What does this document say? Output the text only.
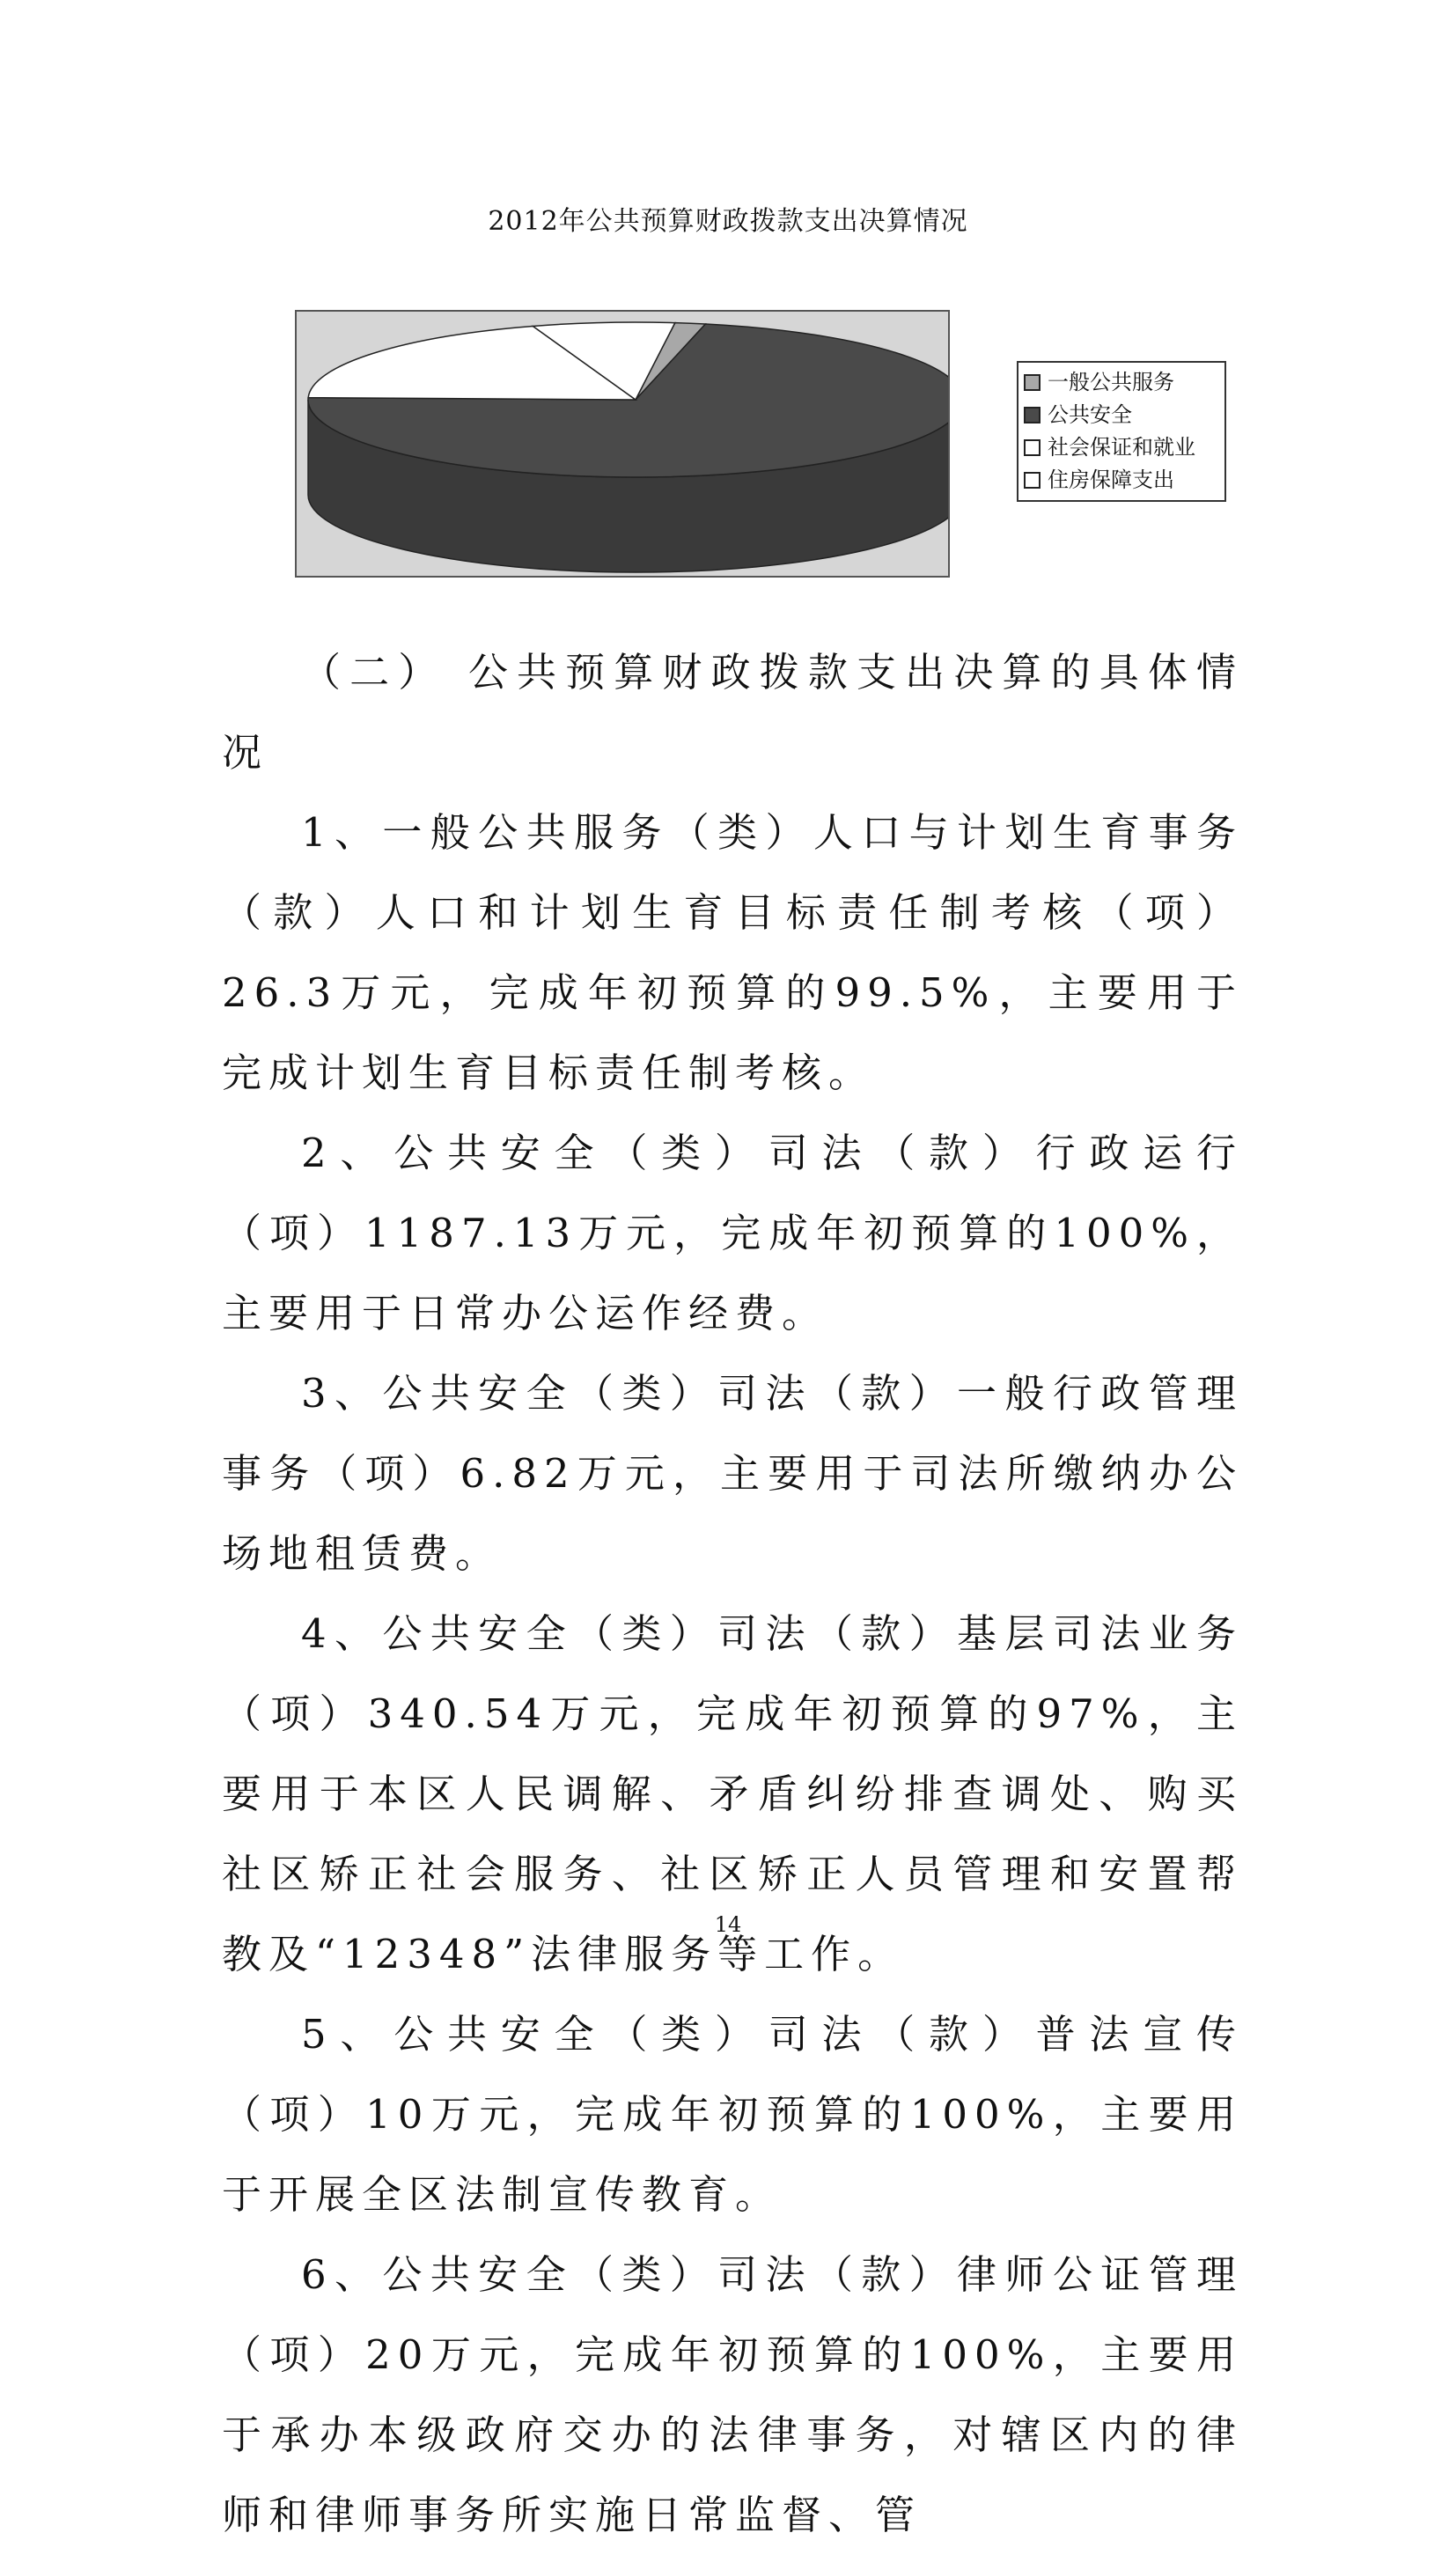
2012年公共预算财政拨款支出决算情况
一般公共服务
公共安全
社会保证和就业
住房保障支出

（二） 公共预算财政拨款支出决算的具体情况

1、一般公共服务（类）人口与计划生育事务（款）人口和计划生育目标责任制考核（项）26.3万元，完成年初预算的99.5%，主要用于完成计划生育目标责任制考核。

2、公共安全（类）司法（款）行政运行（项）1187.13万元，完成年初预算的100%，主要用于日常办公运作经费。

3、公共安全（类）司法（款）一般行政管理事务（项）6.82万元，主要用于司法所缴纳办公场地租赁费。

4、公共安全（类）司法（款）基层司法业务（项）340.54万元，完成年初预算的97%，主要用于本区人民调解、矛盾纠纷排查调处、购买社区矫正社会服务、社区矫正人员管理和安置帮教及“12348”法律服务等工作。

5、公共安全（类）司法（款）普法宣传（项）10万元，完成年初预算的100%，主要用于开展全区法制宣传教育。

6、公共安全（类）司法（款）律师公证管理（项）20万元，完成年初预算的100%，主要用于承办本级政府交办的法律事务，对辖区内的律师和律师事务所实施日常监督、管

14
